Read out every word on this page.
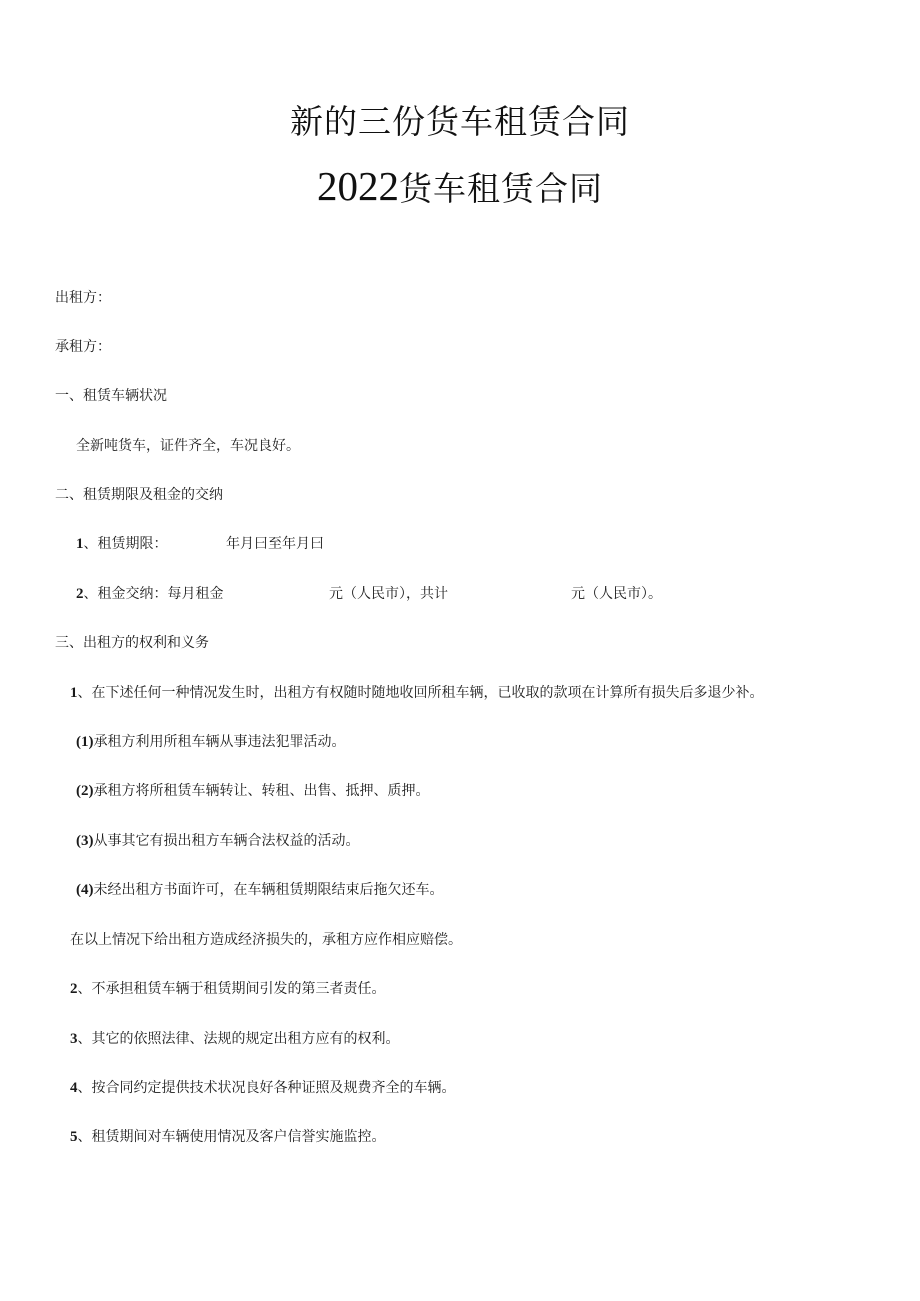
新的三份货车租赁合同
2022货车租赁合同
出租方：
承租方：
一、租赁车辆状况
全新吨货车，证件齐全，车况良好。
二、租赁期限及租金的交纳
1、租赁期限：	年月曰至年月曰
2、租金交纳：每月租金	元（人民市），共计	元（人民市）。
三、出租方的权利和义务
1、在下述任何一种情况发生时，出租方有权随时随地收回所租车辆，已收取的款项在计算所有损失后多退少补。
(1)承租方利用所租车辆从事违法犯罪活动。
(2)承租方将所租赁车辆转让、转租、出售、抵押、质押。
(3)从事其它有损出租方车辆合法权益的活动。
(4)未经出租方书面许可，在车辆租赁期限结束后拖欠还车。
在以上情况下给出租方造成经济损失的，承租方应作相应赔偿。
2、不承担租赁车辆于租赁期间引发的第三者责任。
3、其它的依照法律、法规的规定出租方应有的权利。
4、按合同约定提供技术状况良好各种证照及规费齐全的车辆。
5、租赁期间对车辆使用情况及客户信誉实施监控。
